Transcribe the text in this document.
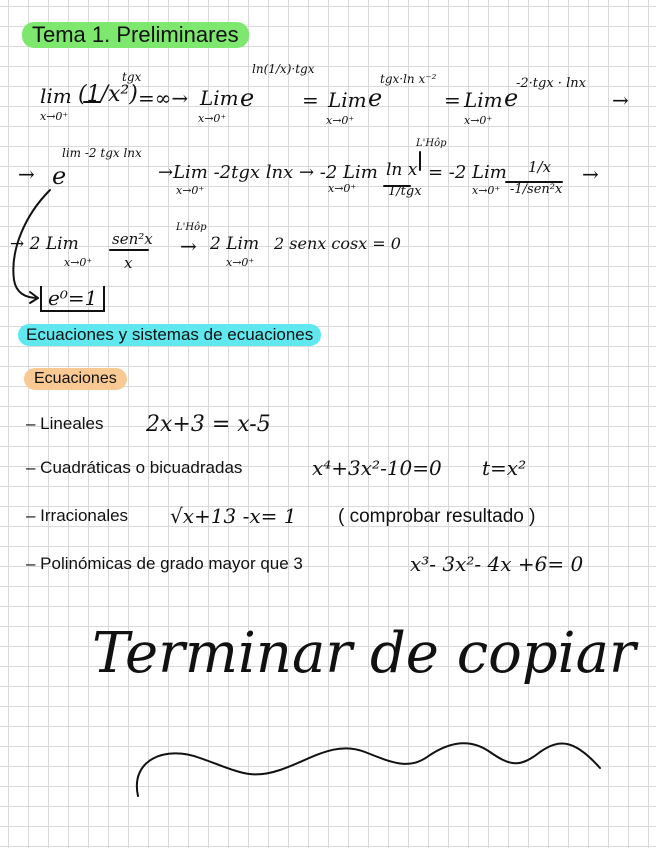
Tema 1. Preliminares
lim
x→0⁺
(1/x²)
tgx
=∞→ Lim
x→0⁺
e
ln(1/x)·tgx
= Lim
x→0⁺
e
tgx·ln x⁻²
= Lim
x→0⁺
e
-2·tgx · lnx
→
→ e
lim -2 tgx lnx
→Lim -2tgx lnx → -2 Lim
x→0⁺	x→0⁺
ln x
1/tgx
L'Hôp
= -2 Lim
x→0⁺
1/x
-1/sen²x
→
→ 2 Lim
x→0⁺
sen²x
x
L'Hôp
→ 2 Lim
x→0⁺
2 senx cosx = 0
e⁰=1
Ecuaciones y sistemas de ecuaciones
Ecuaciones
– Lineales 2x+3 = x-5
– Cuadráticas o bicuadradas	x⁴+3x²-10=0 t=x²
– Irracionales √x+13 -x= 1 ( comprobar resultado )
– Polinómicas de grado mayor que 3	x³- 3x²- 4x +6= 0
Terminar de copiar
